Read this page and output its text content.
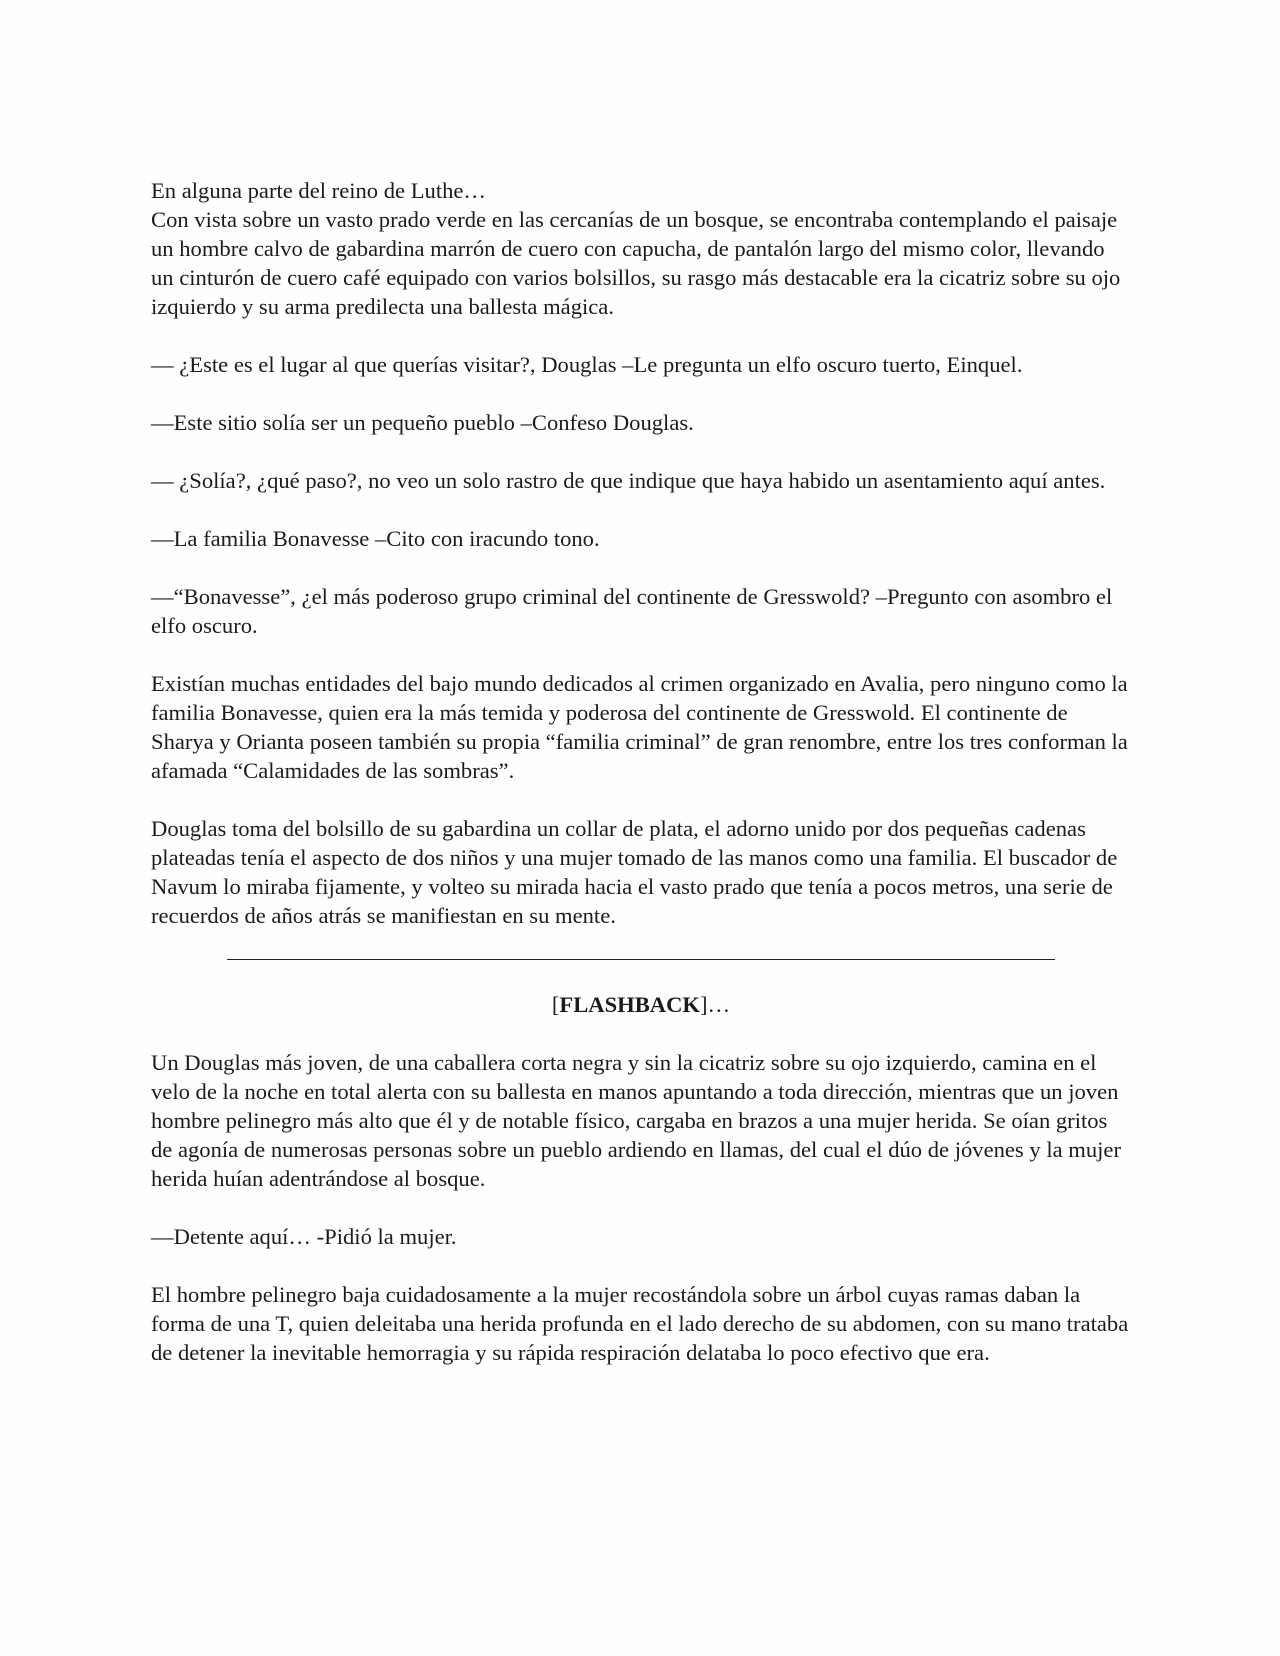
En alguna parte del reino de Luthe…

Con vista sobre un vasto prado verde en las cercanías de un bosque, se encontraba contemplando el paisaje un hombre calvo de gabardina marrón de cuero con capucha, de pantalón largo del mismo color, llevando un cinturón de cuero café equipado con varios bolsillos, su rasgo más destacable era la cicatriz sobre su ojo izquierdo y su arma predilecta una ballesta mágica.

— ¿Este es el lugar al que querías visitar?, Douglas –Le pregunta un elfo oscuro tuerto, Einquel.

—Este sitio solía ser un pequeño pueblo –Confeso Douglas.

— ¿Solía?, ¿qué paso?, no veo un solo rastro de que indique que haya habido un asentamiento aquí antes.

—La familia Bonavesse –Cito con iracundo tono.

—“Bonavesse”, ¿el más poderoso grupo criminal del continente de Gresswold? –Pregunto con asombro el elfo oscuro.

Existían muchas entidades del bajo mundo dedicados al crimen organizado en Avalia, pero ninguno como la familia Bonavesse, quien era la más temida y poderosa del continente de Gresswold. El continente de Sharya y Orianta poseen también su propia “familia criminal” de gran renombre, entre los tres conforman la afamada “Calamidades de las sombras”.

Douglas toma del bolsillo de su gabardina un collar de plata, el adorno unido por dos pequeñas cadenas plateadas tenía el aspecto de dos niños y una mujer tomado de las manos como una familia. El buscador de Navum lo miraba fijamente, y volteo su mirada hacia el vasto prado que tenía a pocos metros, una serie de recuerdos de años atrás se manifiestan en su mente.

[FLASHBACK]…

Un Douglas más joven, de una caballera corta negra y sin la cicatriz sobre su ojo izquierdo, camina en el velo de la noche en total alerta con su ballesta en manos apuntando a toda dirección, mientras que un joven hombre pelinegro más alto que él y de notable físico, cargaba en brazos a una mujer herida. Se oían gritos de agonía de numerosas personas sobre un pueblo ardiendo en llamas, del cual el dúo de jóvenes y la mujer herida huían adentrándose al bosque.

—Detente aquí… -Pidió la mujer.

El hombre pelinegro baja cuidadosamente a la mujer recostándola sobre un árbol cuyas ramas daban la forma de una T, quien deleitaba una herida profunda en el lado derecho de su abdomen, con su mano trataba de detener la inevitable hemorragia y su rápida respiración delataba lo poco efectivo que era.
